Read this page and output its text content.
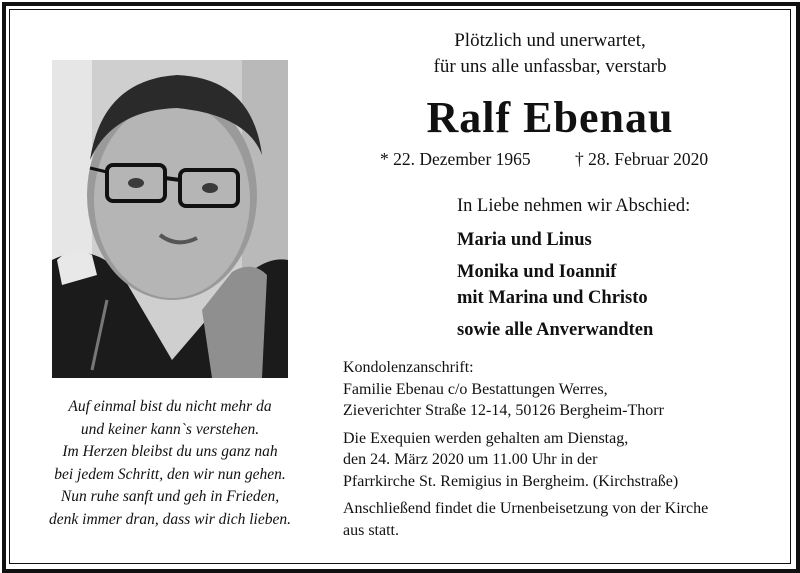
Auf einmal bist du nicht mehr da
und keiner kann`s verstehen.
Im Herzen bleibst du uns ganz nah
bei jedem Schritt, den wir nun gehen.
Nun ruhe sanft und geh in Frieden,
denk immer dran, dass wir dich lieben.
Plötzlich und unerwartet,
für uns alle unfassbar, verstarb
Ralf Ebenau
* 22. Dezember 1965	† 28. Februar 2020
In Liebe nehmen wir Abschied:
Maria und Linus
Monika und Ioannif
mit Marina und Christo
sowie alle Anverwandten
Kondolenzanschrift:
Familie Ebenau c/o Bestattungen Werres,
Zieverichter Straße 12-14, 50126 Bergheim-Thorr
Die Exequien werden gehalten am Dienstag,
den 24. März 2020 um 11.00 Uhr in der
Pfarrkirche St. Remigius in Bergheim. (Kirchstraße)
Anschließend findet die Urnenbeisetzung von der Kirche
aus statt.
